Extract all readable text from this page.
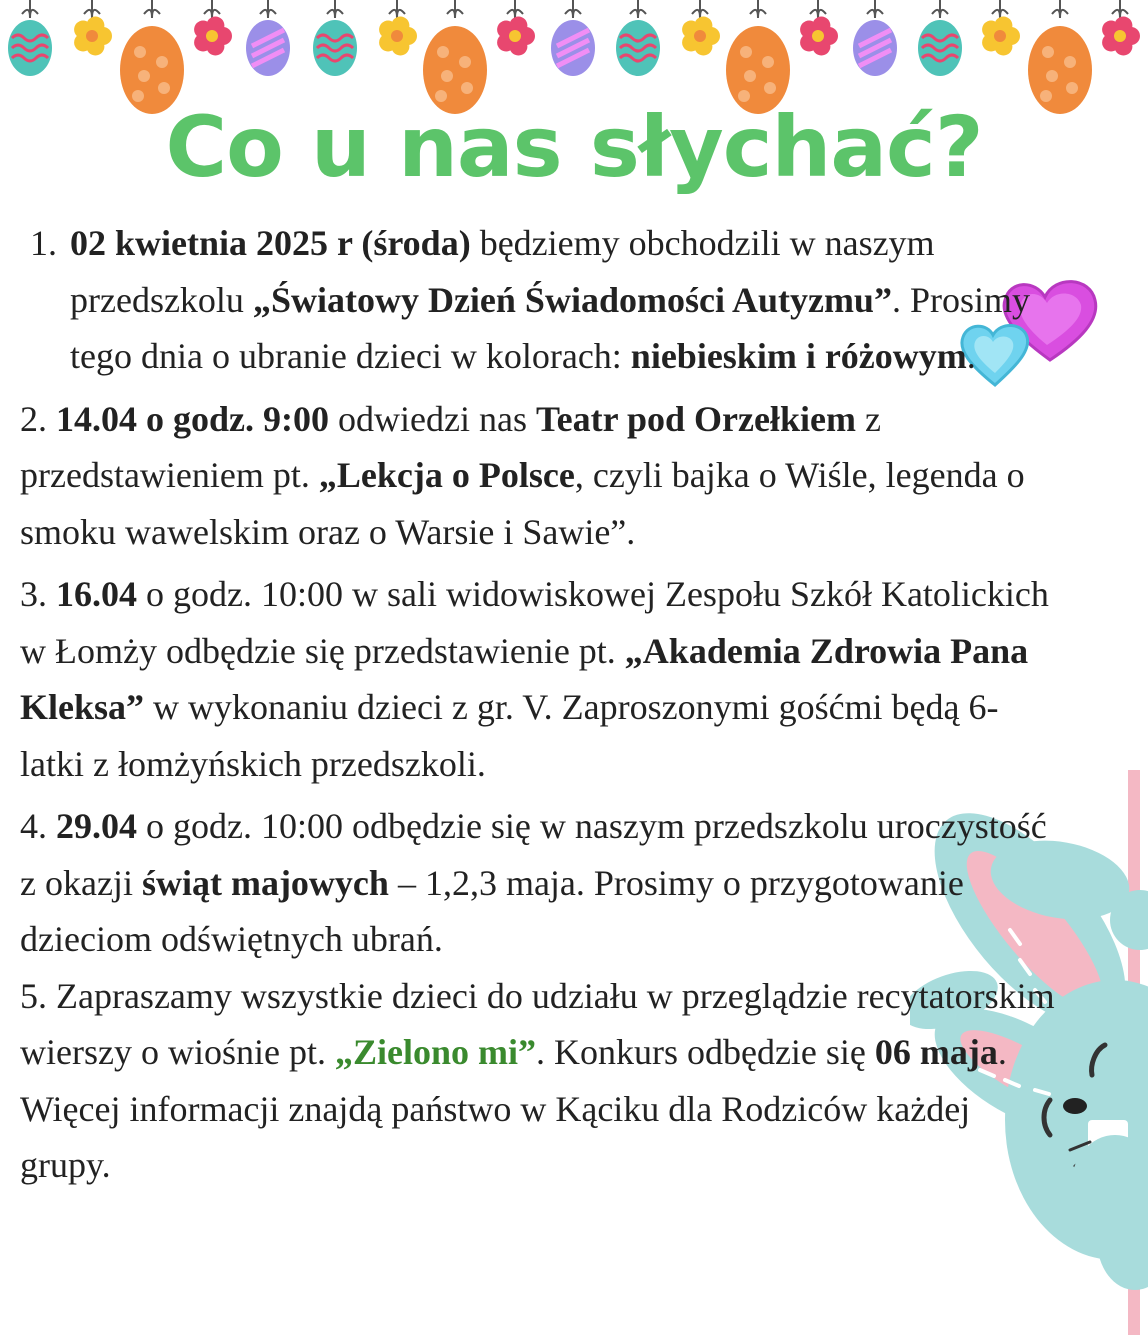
Co u nas słychać?

1. 02 kwietnia 2025 r (środa) będziemy obchodzili w naszym przedszkolu „Światowy Dzień Świadomości Autyzmu”. Prosimy tego dnia o ubranie dzieci w kolorach: niebieskim i różowym.

2. 14.04 o godz. 9:00 odwiedzi nas Teatr pod Orzełkiem z przedstawieniem pt. „Lekcja o Polsce, czyli bajka o Wiśle, legenda o smoku wawelskim oraz o Warsie i Sawie”.

3. 16.04 o godz. 10:00 w sali widowiskowej Zespołu Szkół Katolickich w Łomży odbędzie się przedstawienie pt. „Akademia Zdrowia Pana Kleksa” w wykonaniu dzieci z gr. V. Zaproszonymi gośćmi będą 6-latki z łomżyńskich przedszkoli.

4. 29.04 o godz. 10:00 odbędzie się w naszym przedszkolu uroczystość z okazji świąt majowych – 1,2,3 maja. Prosimy o przygotowanie dzieciom odświętnych ubrań.

5. Zapraszamy wszystkie dzieci do udziału w przeglądzie recytatorskim wierszy o wiośnie pt. „Zielono mi”. Konkurs odbędzie się 06 maja. Więcej informacji znajdą państwo w Kąciku dla Rodziców każdej grupy.
